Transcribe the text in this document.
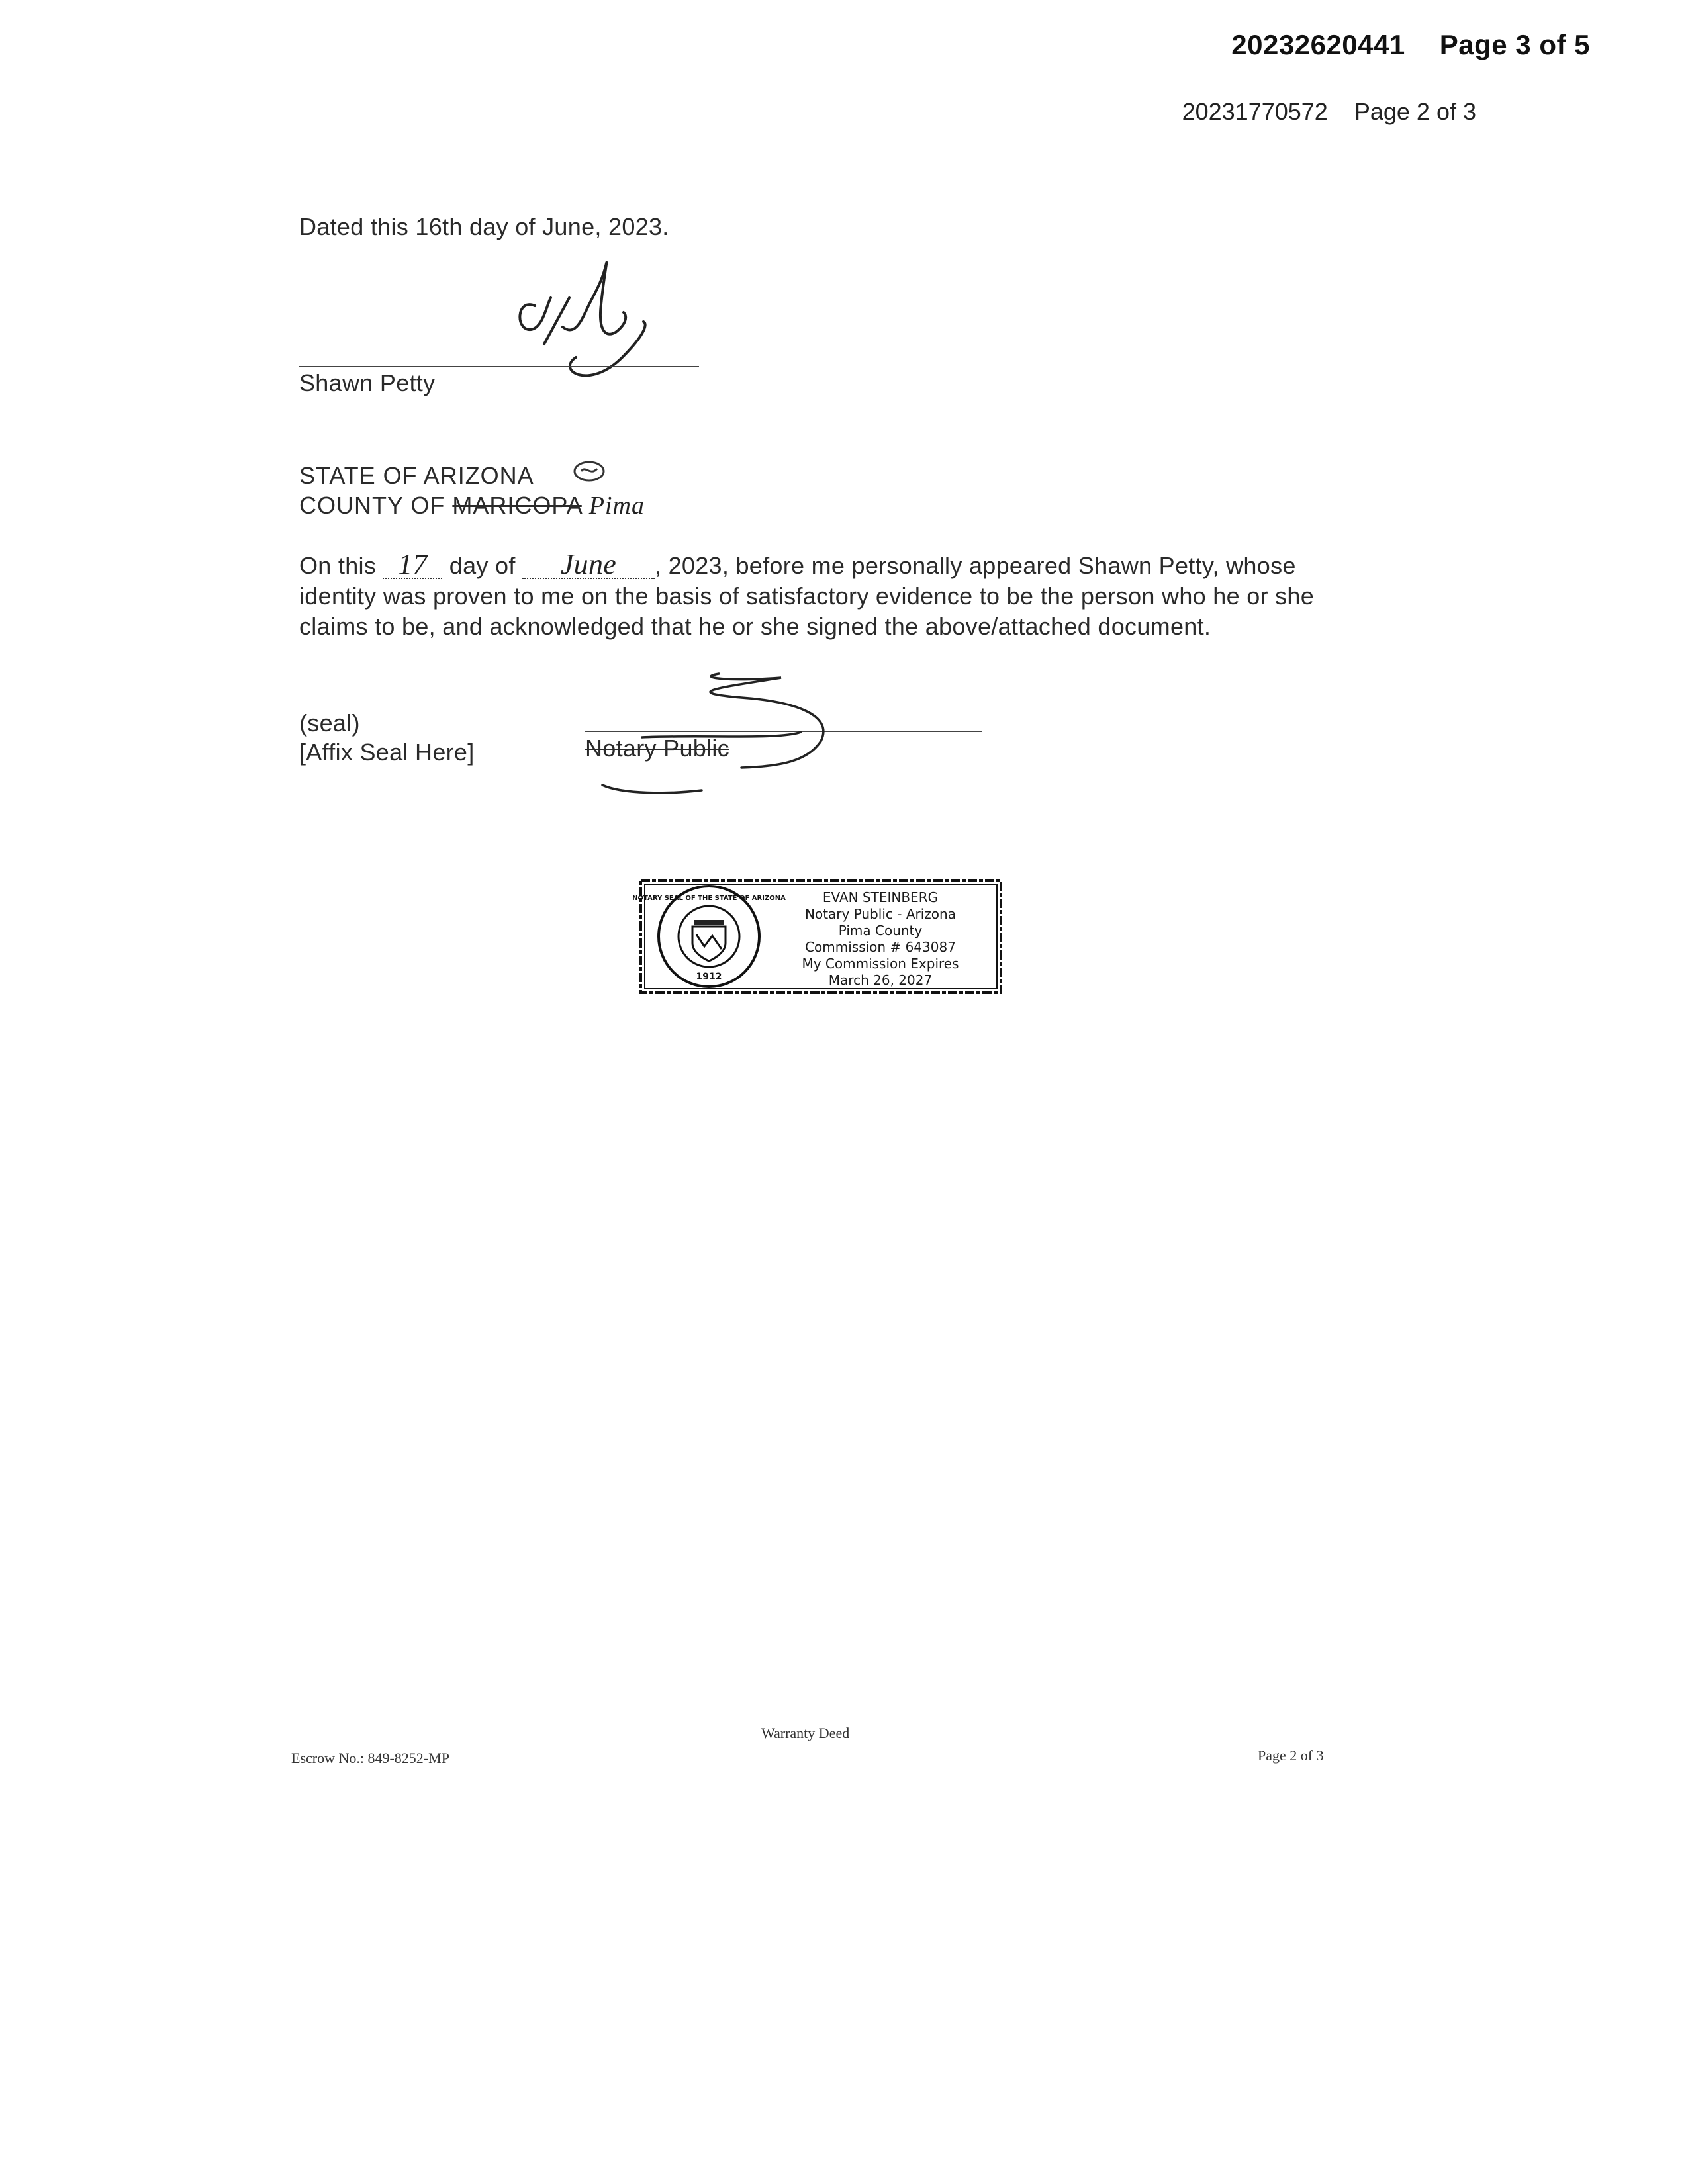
20232620441 Page 3 of 5
20231770572 Page 2 of 3
Dated this 16th day of June, 2023.
Shawn Petty
STATE OF ARIZONA
COUNTY OF MARICOPA Pima
On this 17 day of June , 2023, before me personally appeared Shawn Petty, whose identity was proven to me on the basis of satisfactory evidence to be the person who he or she claims to be, and acknowledged that he or she signed the above/attached document.
(seal)
[Affix Seal Here]	Notary Public
1912
NOTARY SEAL OF THE STATE OF ARIZONA	EVAN STEINBERG
Notary Public - Arizona
Pima County
Commission # 643087
My Commission Expires
March 26, 2027
Warranty Deed
Escrow No.: 849-8252-MP	Page 2 of 3
